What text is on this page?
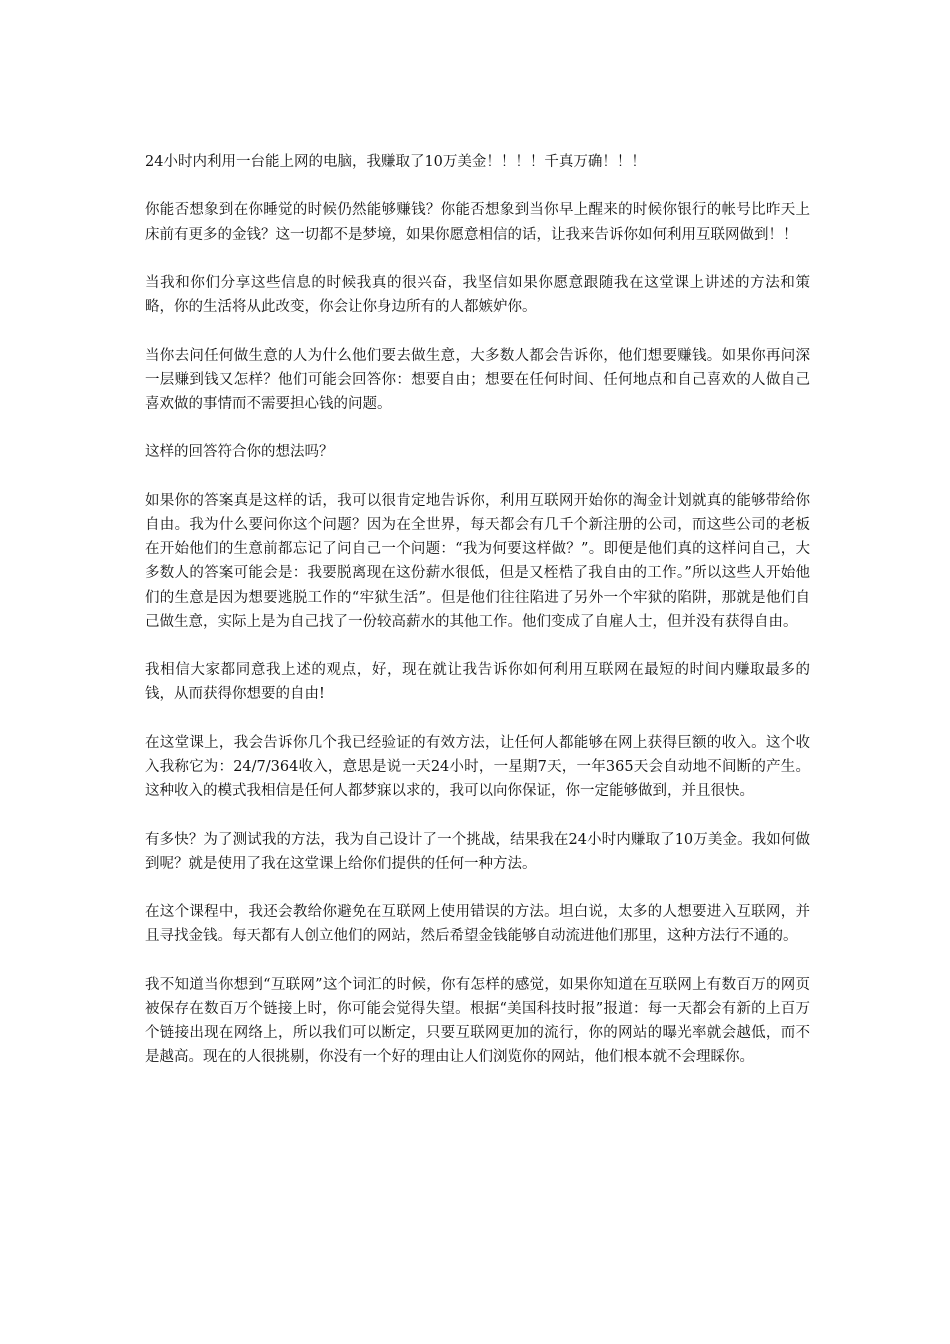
24小时内利用一台能上网的电脑，我赚取了10万美金！！！！千真万确！！！

你能否想象到在你睡觉的时候仍然能够赚钱？你能否想象到当你早上醒来的时候你银行的帐号比昨天上床前有更多的金钱？这一切都不是梦境，如果你愿意相信的话，让我来告诉你如何利用互联网做到！！

当我和你们分享这些信息的时候我真的很兴奋，我坚信如果你愿意跟随我在这堂课上讲述的方法和策略，你的生活将从此改变，你会让你身边所有的人都嫉妒你。

当你去问任何做生意的人为什么他们要去做生意，大多数人都会告诉你，他们想要赚钱。如果你再问深一层赚到钱又怎样？他们可能会回答你：想要自由；想要在任何时间、任何地点和自己喜欢的人做自己喜欢做的事情而不需要担心钱的问题。

这样的回答符合你的想法吗？

如果你的答案真是这样的话，我可以很肯定地告诉你，利用互联网开始你的淘金计划就真的能够带给你自由。我为什么要问你这个问题？因为在全世界，每天都会有几千个新注册的公司，而这些公司的老板在开始他们的生意前都忘记了问自己一个问题：“我为何要这样做？”。即便是他们真的这样问自己，大多数人的答案可能会是：我要脱离现在这份薪水很低，但是又桎梏了我自由的工作。”所以这些人开始他们的生意是因为想要逃脱工作的“牢狱生活”。但是他们往往陷进了另外一个牢狱的陷阱，那就是他们自己做生意，实际上是为自己找了一份较高薪水的其他工作。他们变成了自雇人士，但并没有获得自由。

我相信大家都同意我上述的观点，好，现在就让我告诉你如何利用互联网在最短的时间内赚取最多的钱，从而获得你想要的自由!

在这堂课上，我会告诉你几个我已经验证的有效方法，让任何人都能够在网上获得巨额的收入。这个收入我称它为：24/7/364收入，意思是说一天24小时，一星期7天，一年365天会自动地不间断的产生。这种收入的模式我相信是任何人都梦寐以求的，我可以向你保证，你一定能够做到，并且很快。

有多快？为了测试我的方法，我为自己设计了一个挑战，结果我在24小时内赚取了10万美金。我如何做到呢？就是使用了我在这堂课上给你们提供的任何一种方法。

在这个课程中，我还会教给你避免在互联网上使用错误的方法。坦白说，太多的人想要进入互联网，并且寻找金钱。每天都有人创立他们的网站，然后希望金钱能够自动流进他们那里，这种方法行不通的。

我不知道当你想到“互联网”这个词汇的时候，你有怎样的感觉，如果你知道在互联网上有数百万的网页被保存在数百万个链接上时，你可能会觉得失望。根据“美国科技时报”报道：每一天都会有新的上百万个链接出现在网络上，所以我们可以断定，只要互联网更加的流行，你的网站的曝光率就会越低，而不是越高。现在的人很挑剔，你没有一个好的理由让人们浏览你的网站，他们根本就不会理睬你。
